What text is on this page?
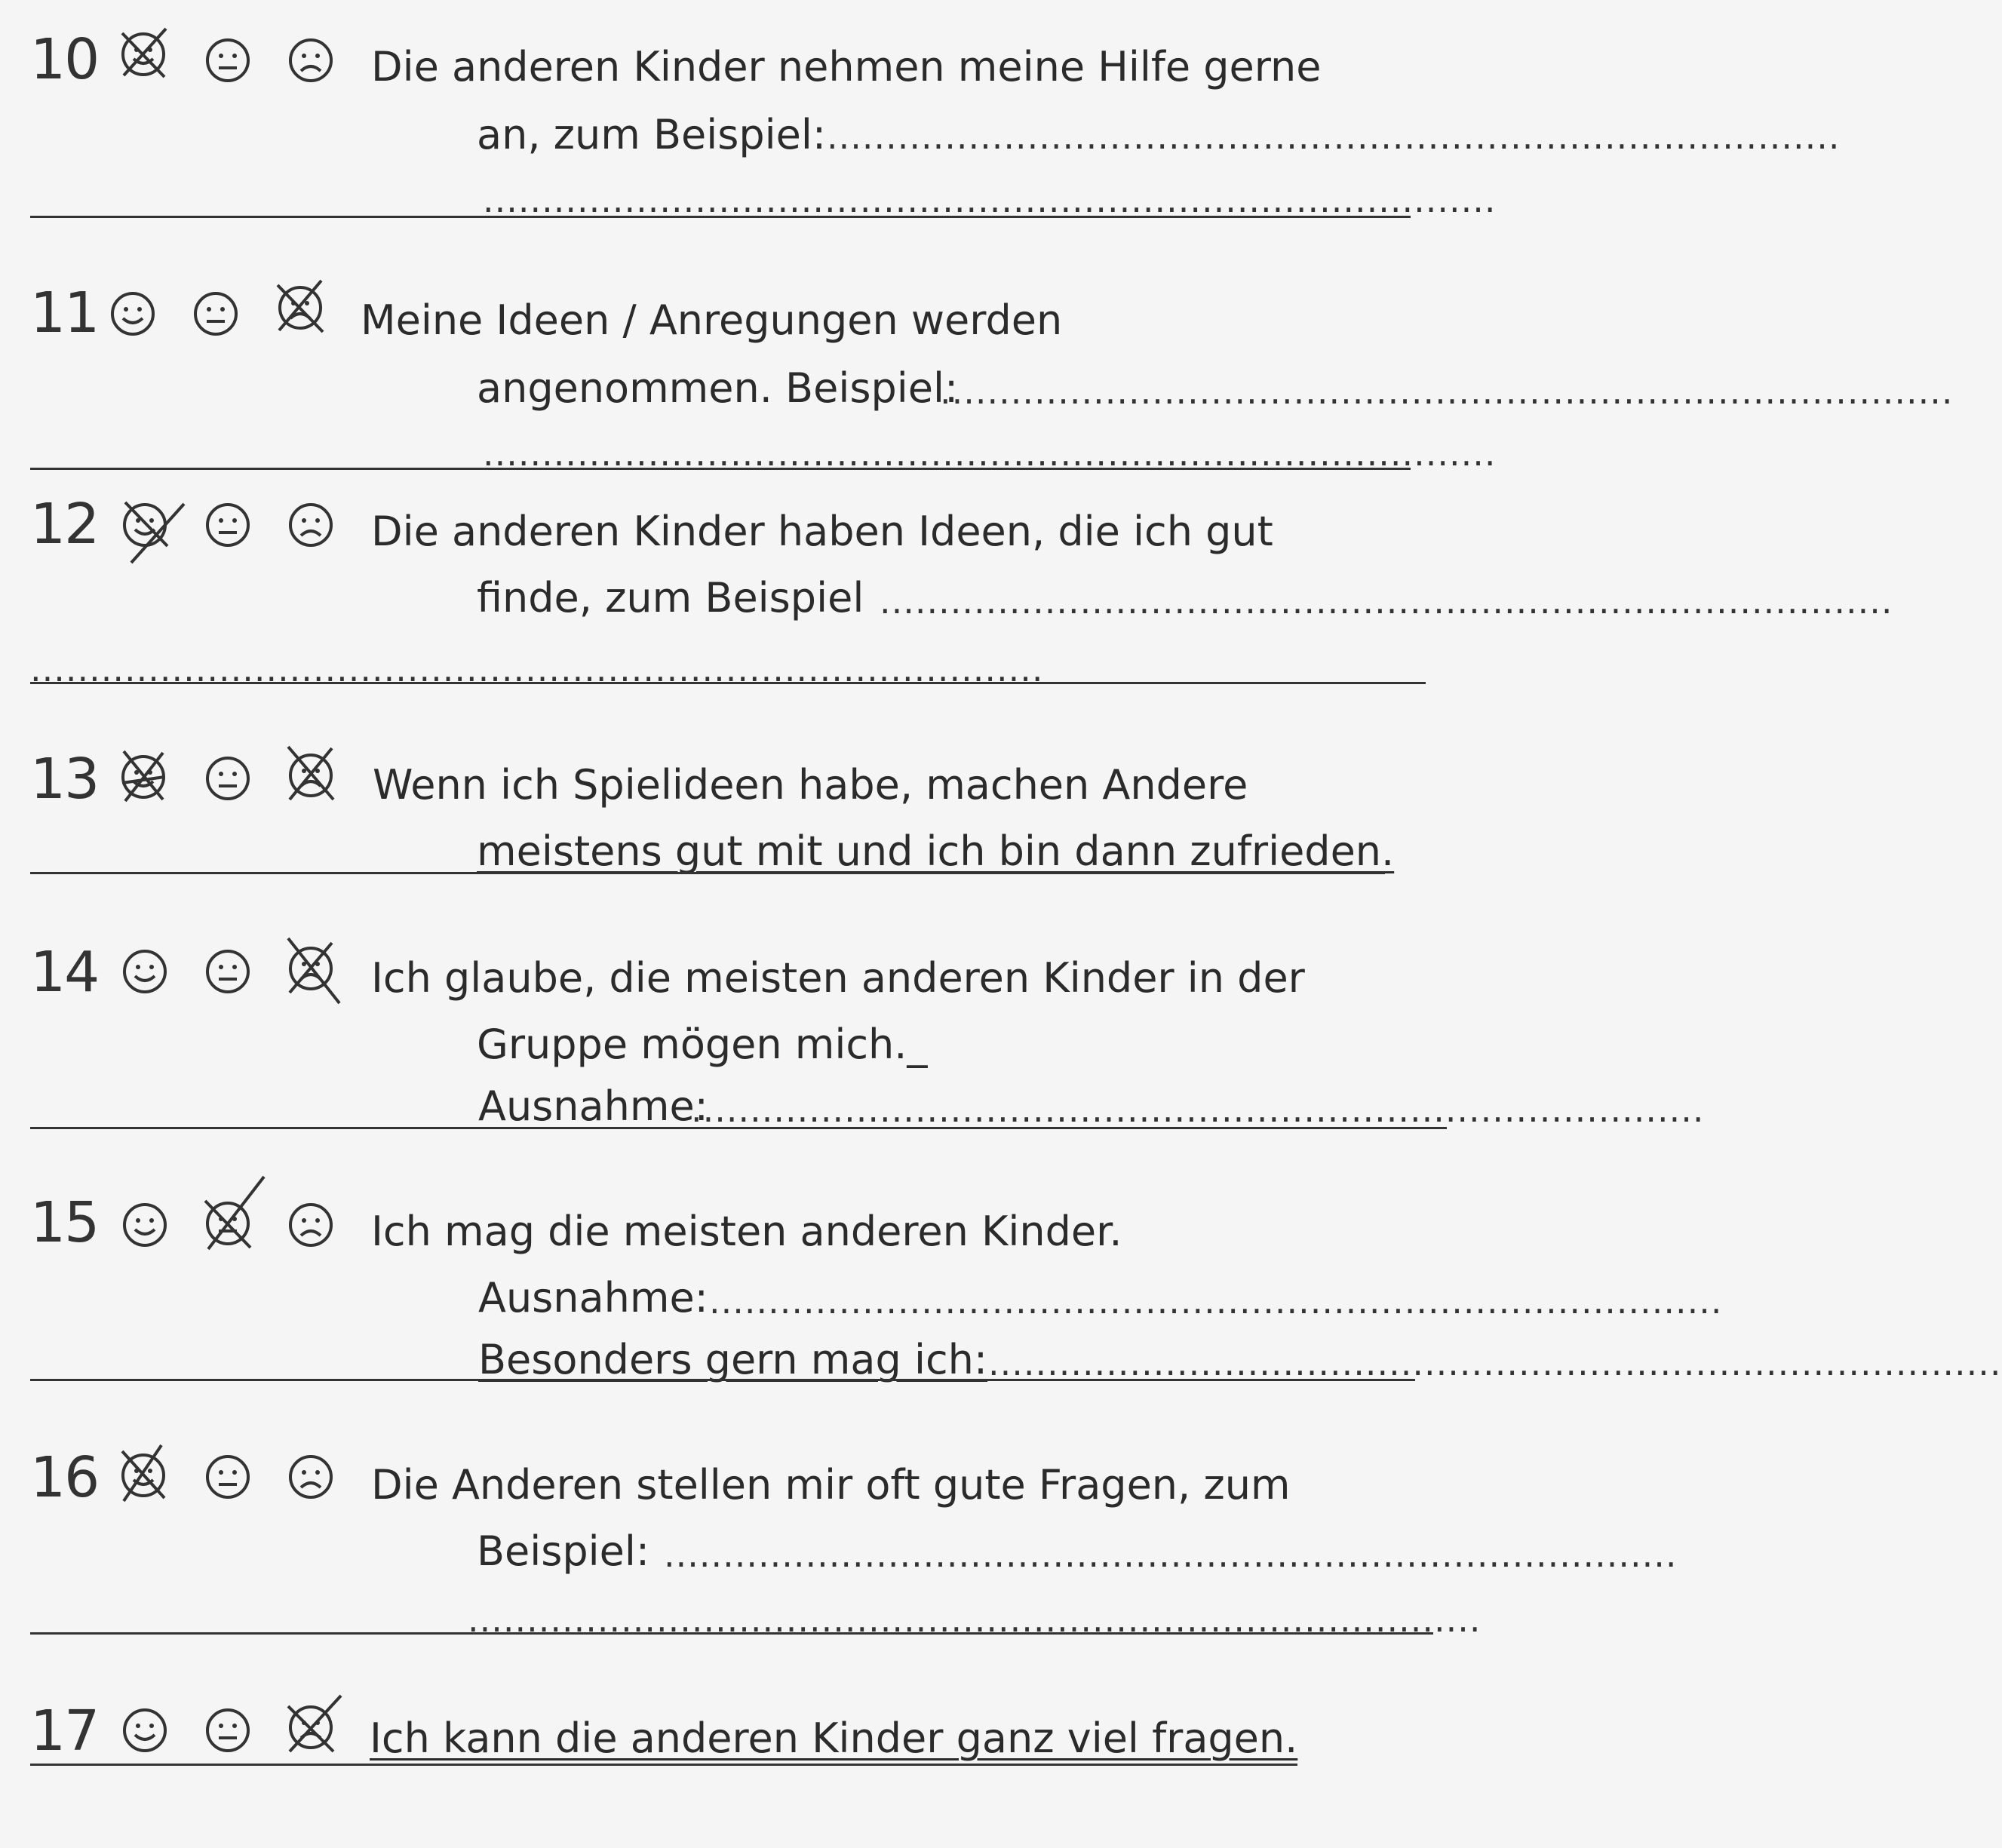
10	Die anderen Kinder nehmen meine Hilfe gerne
an, zum Beispiel: ......................................................................................
......................................................................................
11	Meine Ideen / Anregungen werden
angenommen. Beispiel:
......................................................................................
......................................................................................
12	Die anderen Kinder haben Ideen, die ich gut
finde, zum Beispiel ......................................................................................
......................................................................................
13	Wenn ich Spielideen habe, machen Andere
meistens gut mit und ich bin dann zufrieden.
14	Ich glaube, die meisten anderen Kinder in der
Gruppe mögen mich._
Ausnahme:
......................................................................................
15	Ich mag die meisten anderen Kinder.
Ausnahme: ......................................................................................
Besonders gern mag ich: ......................................................................................
16	Die Anderen stellen mir oft gute Fragen, zum
Beispiel: ......................................................................................
......................................................................................
17	Ich kann die anderen Kinder ganz viel fragen.
